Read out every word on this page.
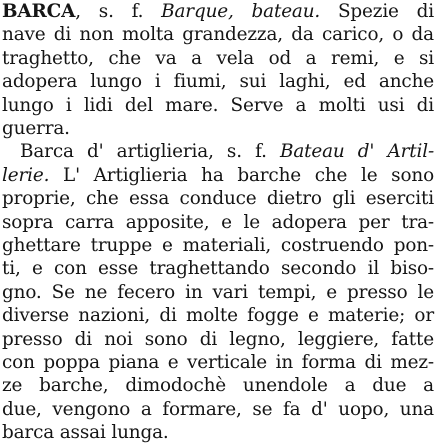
BARCA, s. f. Barque, bateau. Spezie di
nave di non molta grandezza, da carico, o da
traghetto, che va a vela od a remi, e si
adopera lungo i fiumi, sui laghi, ed anche
lungo i lidi del mare. Serve a molti usi di
guerra.
Barca d' artiglieria, s. f. Bateau d' Artil-
lerie. L' Artiglieria ha barche che le sono
proprie, che essa conduce dietro gli eserciti
sopra carra apposite, e le adopera per tra-
ghettare truppe e materiali, costruendo pon-
ti, e con esse traghettando secondo il biso-
gno. Se ne fecero in vari tempi, e presso le
diverse nazioni, di molte fogge e materie; or
presso di noi sono di legno, leggiere, fatte
con poppa piana e verticale in forma di mez-
ze barche, dimodochè unendole a due a
due, vengono a formare, se fa d' uopo, una
barca assai lunga.
